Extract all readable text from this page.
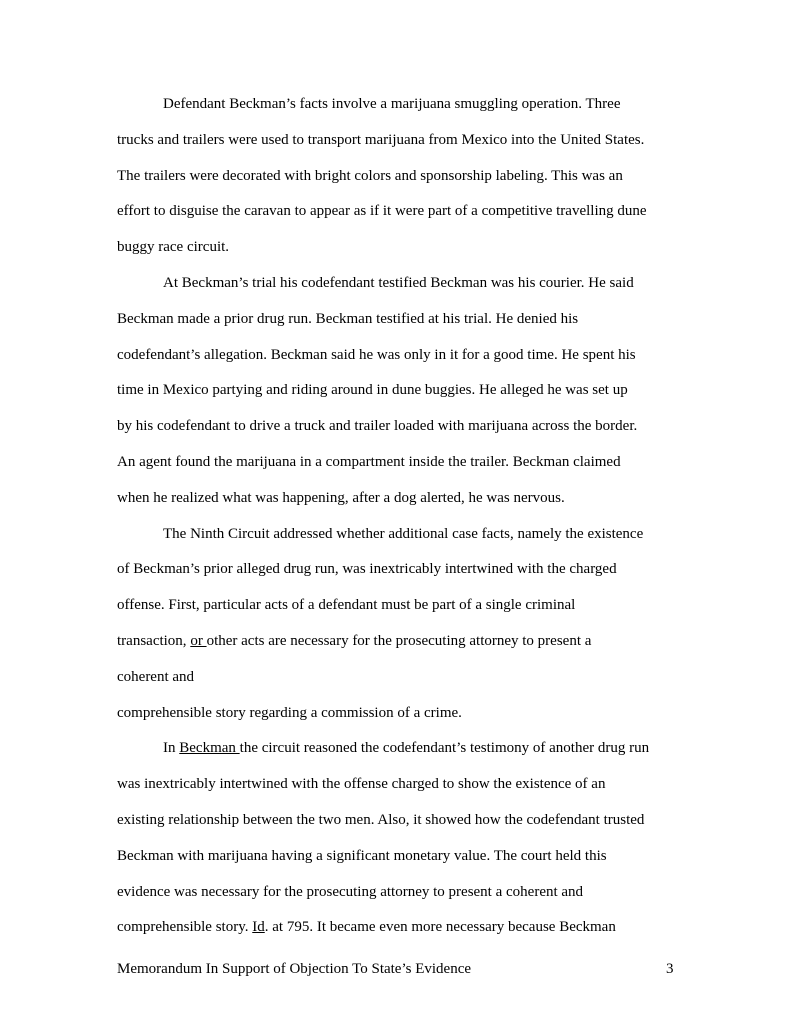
Defendant Beckman’s facts involve a marijuana smuggling operation. Three
trucks and trailers were used to transport marijuana from Mexico into the United States.
The trailers were decorated with bright colors and sponsorship labeling. This was an
effort to disguise the caravan to appear as if it were part of a competitive travelling dune
buggy race circuit.
At Beckman’s trial his codefendant testified Beckman was his courier. He said
Beckman made a prior drug run. Beckman testified at his trial. He denied his
codefendant’s allegation. Beckman said he was only in it for a good time. He spent his
time in Mexico partying and riding around in dune buggies. He alleged he was set up
by his codefendant to drive a truck and trailer loaded with marijuana across the border.
An agent found the marijuana in a compartment inside the trailer. Beckman claimed
when he realized what was happening, after a dog alerted, he was nervous.
The Ninth Circuit addressed whether additional case facts, namely the existence
of Beckman’s prior alleged drug run, was inextricably intertwined with the charged
offense. First, particular acts of a defendant must be part of a single criminal
transaction, or other acts are necessary for the prosecuting attorney to present a
coherent and
comprehensible story regarding a commission of a crime.
In Beckman the circuit reasoned the codefendant’s testimony of another drug run
was inextricably intertwined with the offense charged to show the existence of an
existing relationship between the two men. Also, it showed how the codefendant trusted
Beckman with marijuana having a significant monetary value. The court held this
evidence was necessary for the prosecuting attorney to present a coherent and
comprehensible story. Id. at 795. It became even more necessary because Beckman
Memorandum In Support of Objection To State’s Evidence	3
